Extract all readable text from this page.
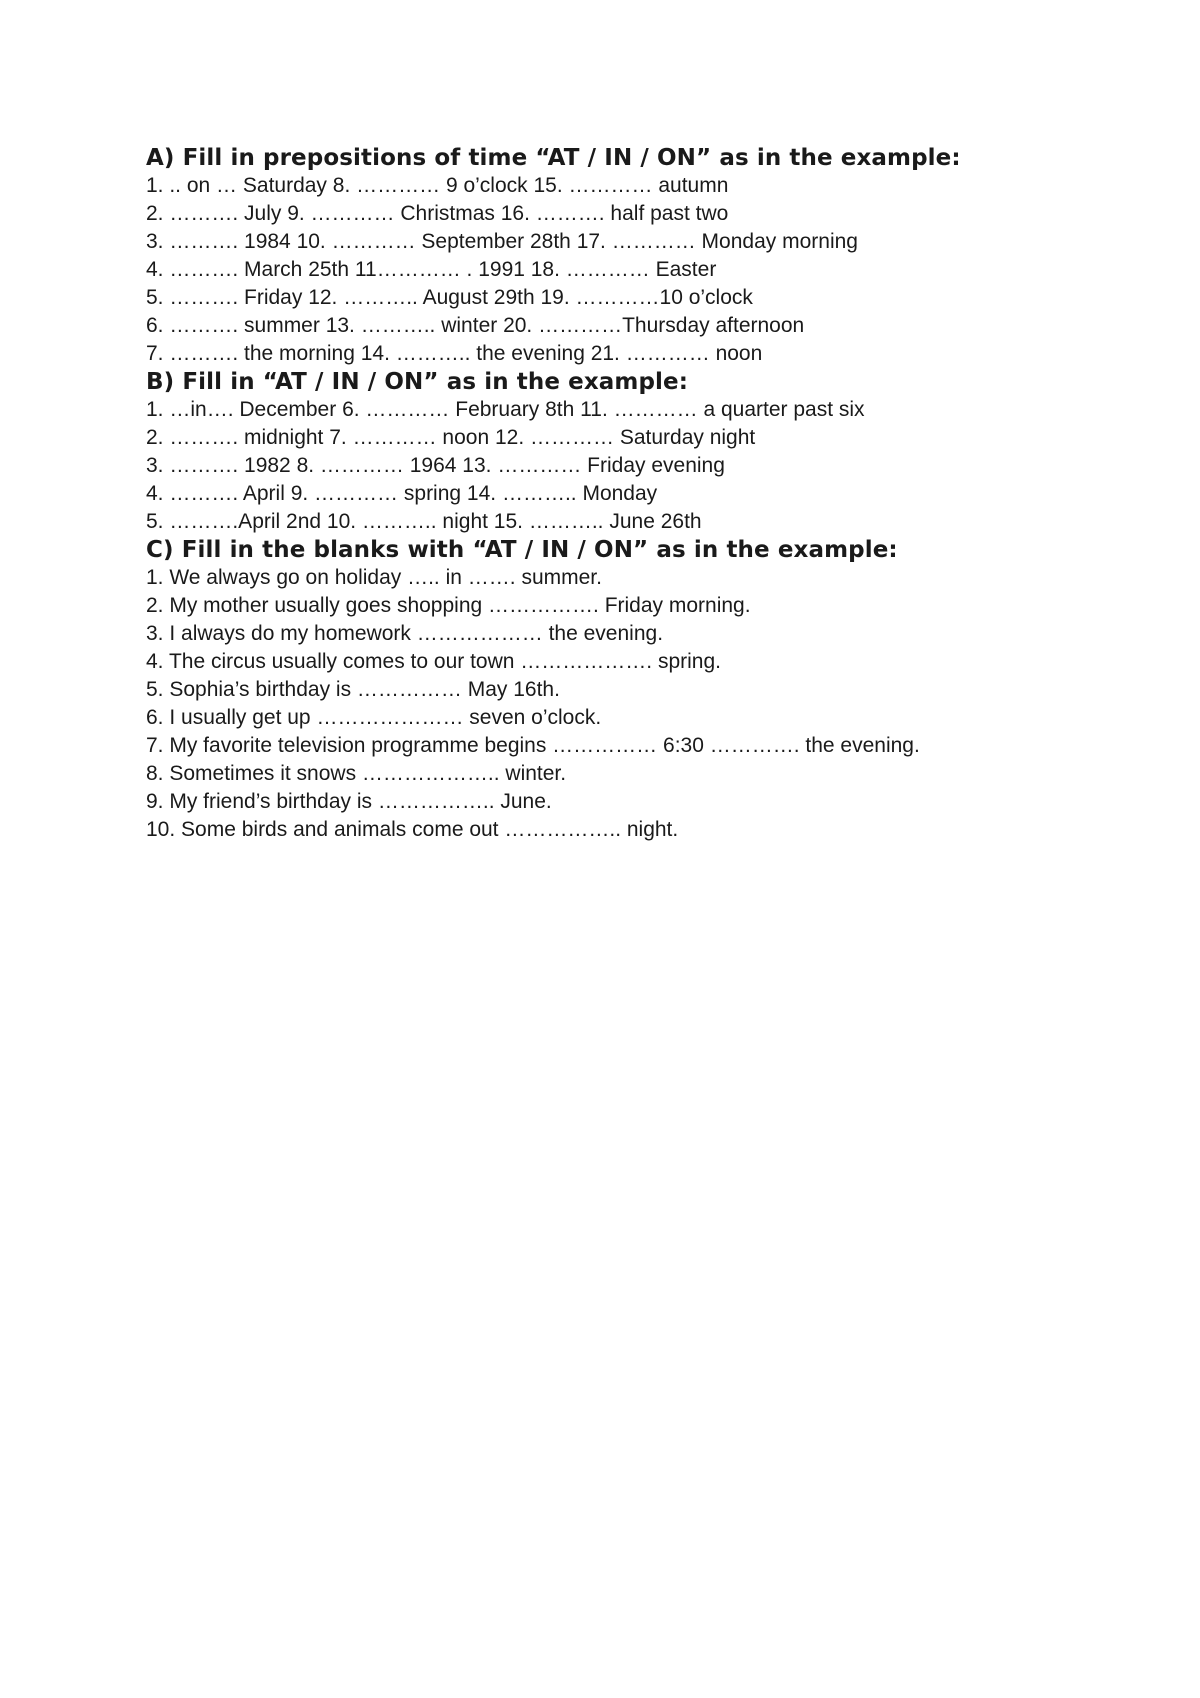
A) Fill in prepositions of time “AT / IN / ON” as in the example:
1. .. on … Saturday 8. ………… 9 o’clock 15. ………… autumn
2. ………. July 9. ………… Christmas 16. ………. half past two
3. ………. 1984 10. ………… September 28th 17. ………… Monday morning
4. ………. March 25th 11………… . 1991 18. ………… Easter
5. ………. Friday 12. ……….. August 29th 19. …………10 o’clock
6. ………. summer 13. ……….. winter 20. …………Thursday afternoon
7. ………. the morning 14. ……….. the evening 21. ………… noon
B) Fill in “AT / IN / ON” as in the example:
1. …in…. December 6. ………… February 8th 11. ………… a quarter past six
2. ………. midnight 7. ………… noon 12. ………… Saturday night
3. ………. 1982 8. ………… 1964 13. ………… Friday evening
4. ………. April 9. ………… spring 14. ……….. Monday
5. ……….April 2nd 10. ……….. night 15. ……….. June 26th
C) Fill in the blanks with “AT / IN / ON” as in the example:
1. We always go on holiday ….. in ……. summer.
2. My mother usually goes shopping ……………. Friday morning.
3. I always do my homework ……………… the evening.
4. The circus usually comes to our town ………………. spring.
5. Sophia’s birthday is …………… May 16th.
6. I usually get up ………………… seven o’clock.
7. My favorite television programme begins …………… 6:30 …………. the evening.
8. Sometimes it snows ……………….. winter.
9. My friend’s birthday is …………….. June.
10. Some birds and animals come out …………….. night.
